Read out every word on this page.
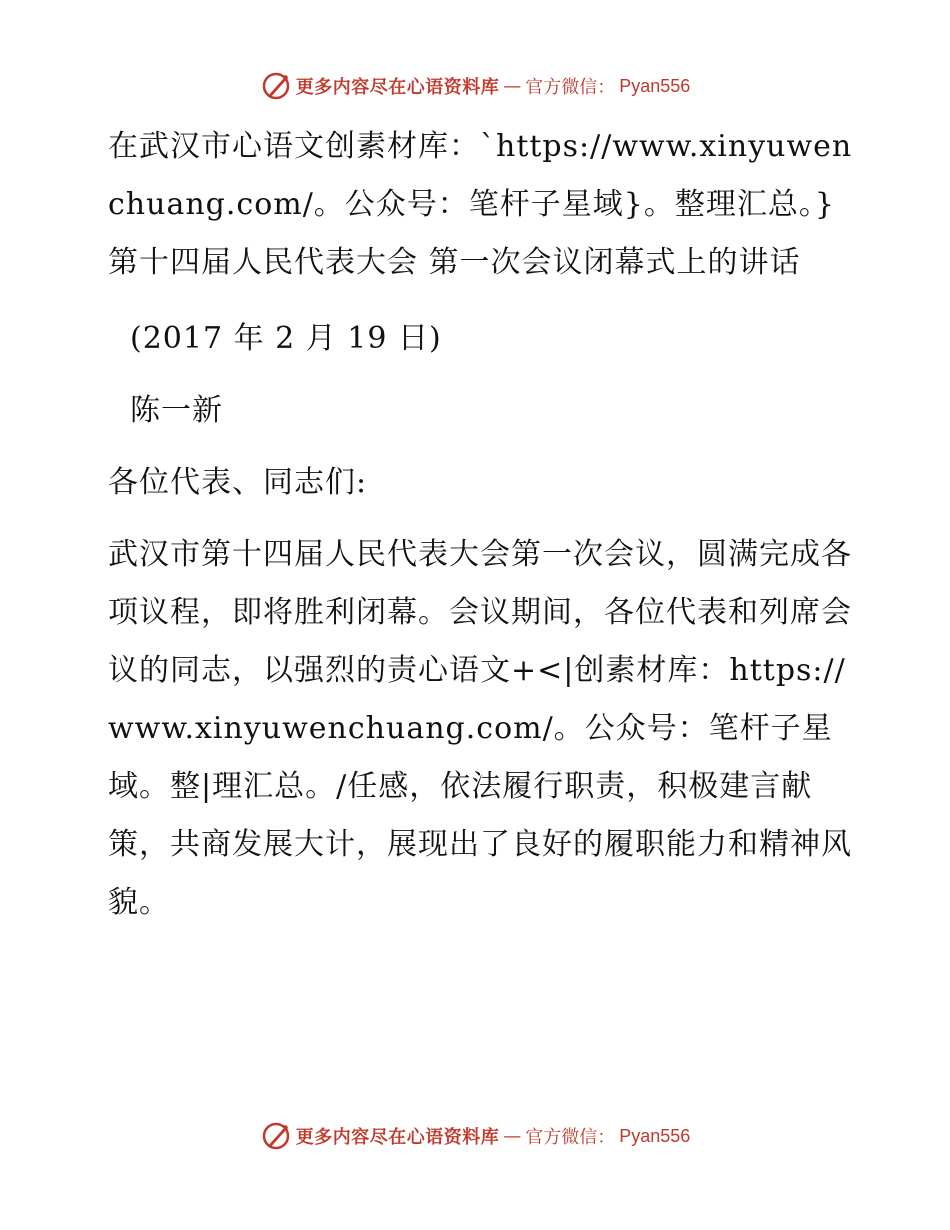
更多内容尽在心语资料库 — 官方微信： Pyan556

在武汉市心语文创素材库：`https://www.xinyuwenchuang.com/。公众号：笔杆子星域}。整理汇总。}第十四届人民代表大会 第一次会议闭幕式上的讲话

(2017 年 2 月 19 日)

陈一新

各位代表、同志们:

武汉市第十四届人民代表大会第一次会议，圆满完成各项议程，即将胜利闭幕。会议期间，各位代表和列席会议的同志，以强烈的责心语文+<|创素材库：https://www.xinyuwenchuang.com/。公众号：笔杆子星域。整|理汇总。/任感，依法履行职责，积极建言献策，共商发展大计，展现出了良好的履职能力和精神风貌。

更多内容尽在心语资料库 — 官方微信： Pyan556
